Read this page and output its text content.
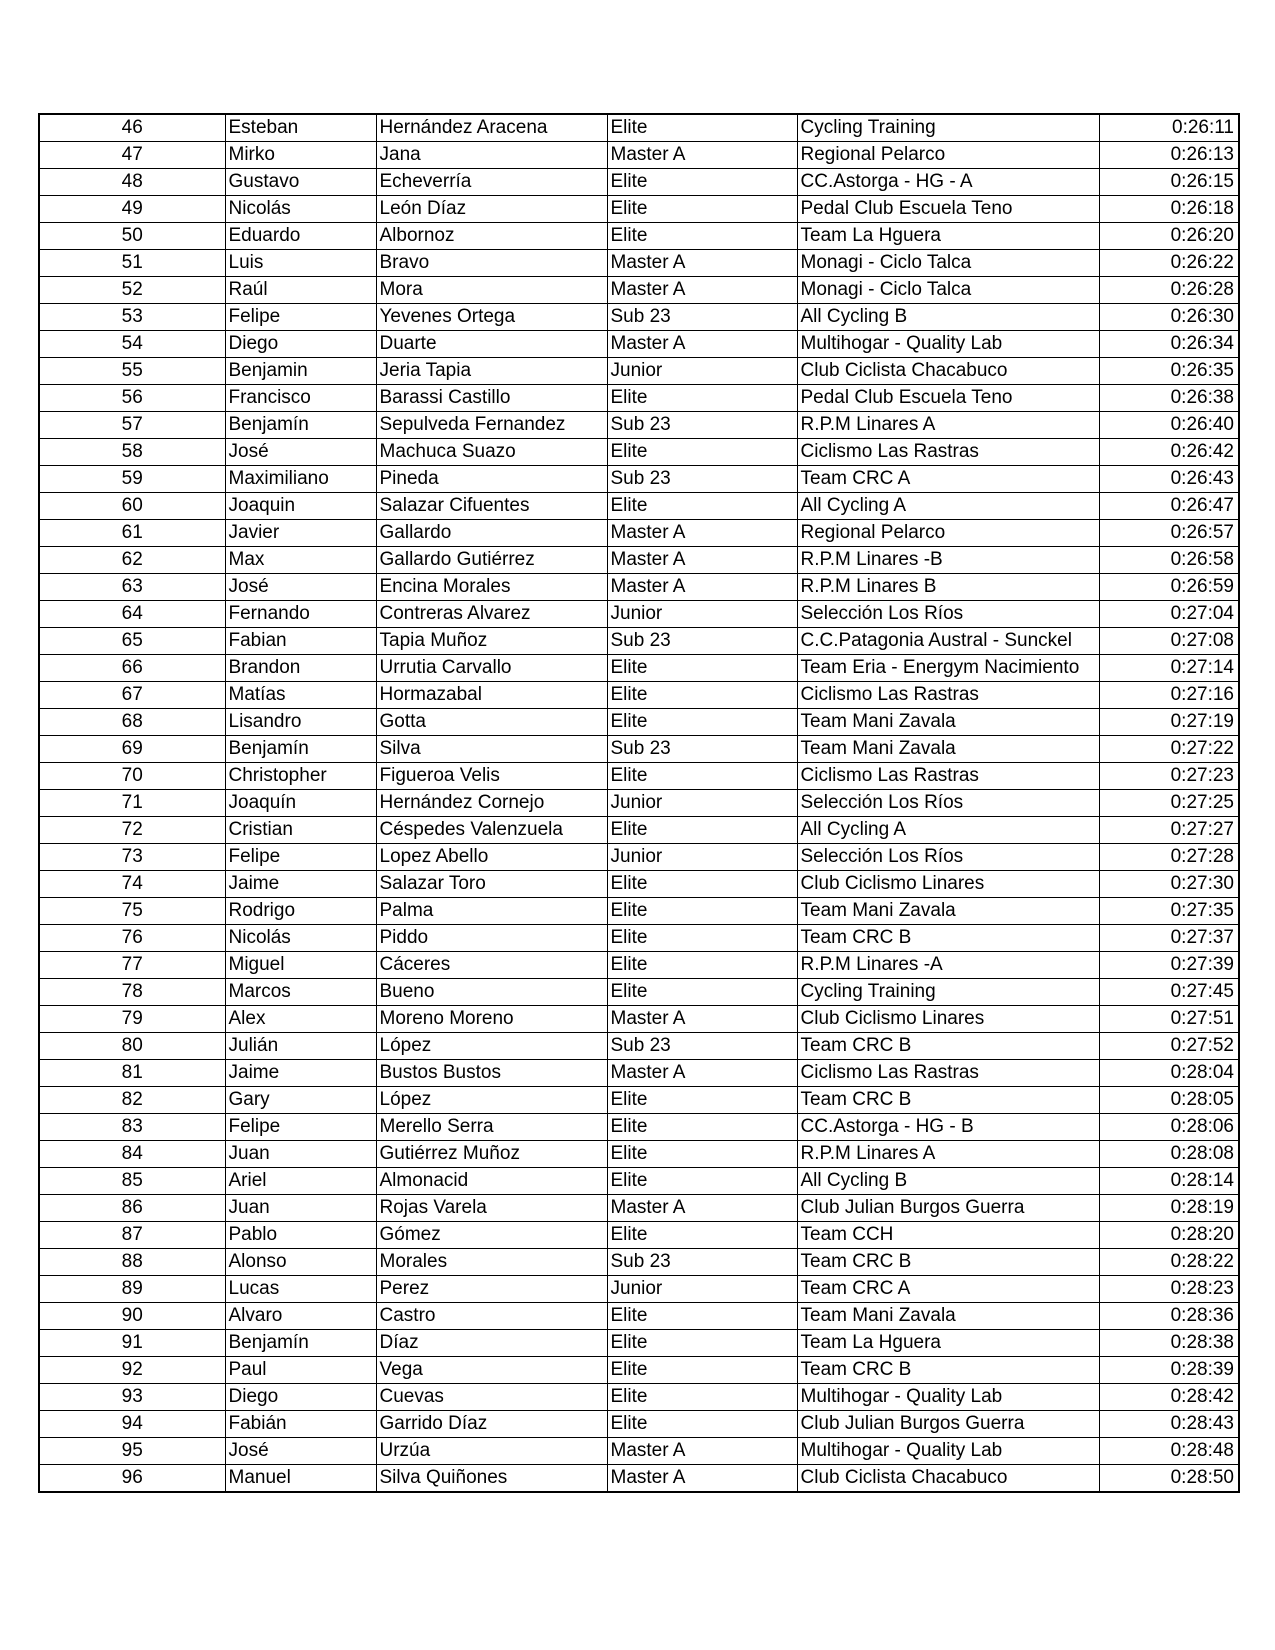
46	Esteban	Hernández Aracena	Elite	Cycling Training	0:26:11
47	Mirko	Jana	Master A	Regional Pelarco	0:26:13
48	Gustavo	Echeverría	Elite	CC.Astorga - HG - A	0:26:15
49	Nicolás	León Díaz	Elite	Pedal Club Escuela Teno	0:26:18
50	Eduardo	Albornoz	Elite	Team La Hguera	0:26:20
51	Luis	Bravo	Master A	Monagi - Ciclo Talca	0:26:22
52	Raúl	Mora	Master A	Monagi - Ciclo Talca	0:26:28
53	Felipe	Yevenes Ortega	Sub 23	All Cycling B	0:26:30
54	Diego	Duarte	Master A	Multihogar - Quality Lab	0:26:34
55	Benjamin	Jeria Tapia	Junior	Club Ciclista Chacabuco	0:26:35
56	Francisco	Barassi Castillo	Elite	Pedal Club Escuela Teno	0:26:38
57	Benjamín	Sepulveda Fernandez	Sub 23	R.P.M Linares A	0:26:40
58	José	Machuca Suazo	Elite	Ciclismo Las Rastras	0:26:42
59	Maximiliano	Pineda	Sub 23	Team CRC A	0:26:43
60	Joaquin	Salazar Cifuentes	Elite	All Cycling A	0:26:47
61	Javier	Gallardo	Master A	Regional Pelarco	0:26:57
62	Max	Gallardo Gutiérrez	Master A	R.P.M Linares -B	0:26:58
63	José	Encina Morales	Master A	R.P.M Linares B	0:26:59
64	Fernando	Contreras Alvarez	Junior	Selección Los Ríos	0:27:04
65	Fabian	Tapia Muñoz	Sub 23	C.C.Patagonia Austral - Sunckel	0:27:08
66	Brandon	Urrutia Carvallo	Elite	Team Eria - Energym Nacimiento	0:27:14
67	Matías	Hormazabal	Elite	Ciclismo Las Rastras	0:27:16
68	Lisandro	Gotta	Elite	Team Mani Zavala	0:27:19
69	Benjamín	Silva	Sub 23	Team Mani Zavala	0:27:22
70	Christopher	Figueroa Velis	Elite	Ciclismo Las Rastras	0:27:23
71	Joaquín	Hernández Cornejo	Junior	Selección Los Ríos	0:27:25
72	Cristian	Céspedes Valenzuela	Elite	All Cycling A	0:27:27
73	Felipe	Lopez Abello	Junior	Selección Los Ríos	0:27:28
74	Jaime	Salazar Toro	Elite	Club Ciclismo Linares	0:27:30
75	Rodrigo	Palma	Elite	Team Mani Zavala	0:27:35
76	Nicolás	Piddo	Elite	Team CRC B	0:27:37
77	Miguel	Cáceres	Elite	R.P.M Linares -A	0:27:39
78	Marcos	Bueno	Elite	Cycling Training	0:27:45
79	Alex	Moreno Moreno	Master A	Club Ciclismo Linares	0:27:51
80	Julián	López	Sub 23	Team CRC B	0:27:52
81	Jaime	Bustos Bustos	Master A	Ciclismo Las Rastras	0:28:04
82	Gary	López	Elite	Team CRC B	0:28:05
83	Felipe	Merello Serra	Elite	CC.Astorga - HG - B	0:28:06
84	Juan	Gutiérrez Muñoz	Elite	R.P.M Linares A	0:28:08
85	Ariel	Almonacid	Elite	All Cycling B	0:28:14
86	Juan	Rojas Varela	Master A	Club Julian Burgos Guerra	0:28:19
87	Pablo	Gómez	Elite	Team CCH	0:28:20
88	Alonso	Morales	Sub 23	Team CRC B	0:28:22
89	Lucas	Perez	Junior	Team CRC A	0:28:23
90	Alvaro	Castro	Elite	Team Mani Zavala	0:28:36
91	Benjamín	Díaz	Elite	Team La Hguera	0:28:38
92	Paul	Vega	Elite	Team CRC B	0:28:39
93	Diego	Cuevas	Elite	Multihogar - Quality Lab	0:28:42
94	Fabián	Garrido Díaz	Elite	Club Julian Burgos Guerra	0:28:43
95	José	Urzúa	Master A	Multihogar - Quality Lab	0:28:48
96	Manuel	Silva Quiñones	Master A	Club Ciclista Chacabuco	0:28:50
